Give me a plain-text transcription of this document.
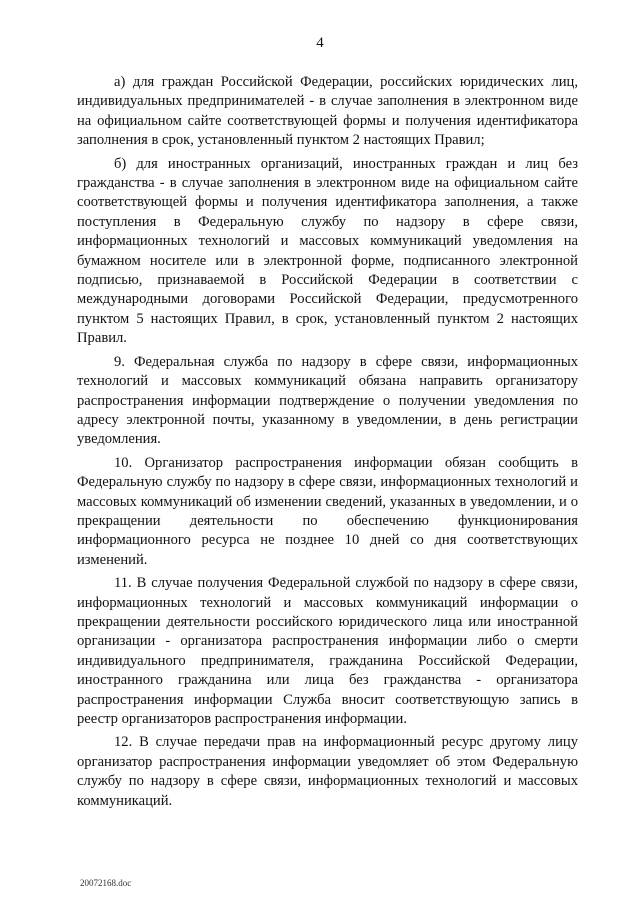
4

а) для граждан Российской Федерации, российских юридических лиц, индивидуальных предпринимателей - в случае заполнения в электронном виде на официальном сайте соответствующей формы и получения идентификатора заполнения в срок, установленный пунктом 2 настоящих Правил;

б) для иностранных организаций, иностранных граждан и лиц без гражданства - в случае заполнения в электронном виде на официальном сайте соответствующей формы и получения идентификатора заполнения, а также поступления в Федеральную службу по надзору в сфере связи, информационных технологий и массовых коммуникаций уведомления на бумажном носителе или в электронной форме, подписанного электронной подписью, признаваемой в Российской Федерации в соответствии с международными договорами Российской Федерации, предусмотренного пунктом 5 настоящих Правил, в срок, установленный пунктом 2 настоящих Правил.

9. Федеральная служба по надзору в сфере связи, информационных технологий и массовых коммуникаций обязана направить организатору распространения информации подтверждение о получении уведомления по адресу электронной почты, указанному в уведомлении, в день регистрации уведомления.

10. Организатор распространения информации обязан сообщить в Федеральную службу по надзору в сфере связи, информационных технологий и массовых коммуникаций об изменении сведений, указанных в уведомлении, и о прекращении деятельности по обеспечению функционирования информационного ресурса не позднее 10 дней со дня соответствующих изменений.

11. В случае получения Федеральной службой по надзору в сфере связи, информационных технологий и массовых коммуникаций информации о прекращении деятельности российского юридического лица или иностранной организации - организатора распространения информации либо о смерти индивидуального предпринимателя, гражданина Российской Федерации, иностранного гражданина или лица без гражданства - организатора распространения информации Служба вносит соответствующую запись в реестр организаторов распространения информации.

12. В случае передачи прав на информационный ресурс другому лицу организатор распространения информации уведомляет об этом Федеральную службу по надзору в сфере связи, информационных технологий и массовых коммуникаций.

20072168.doc
